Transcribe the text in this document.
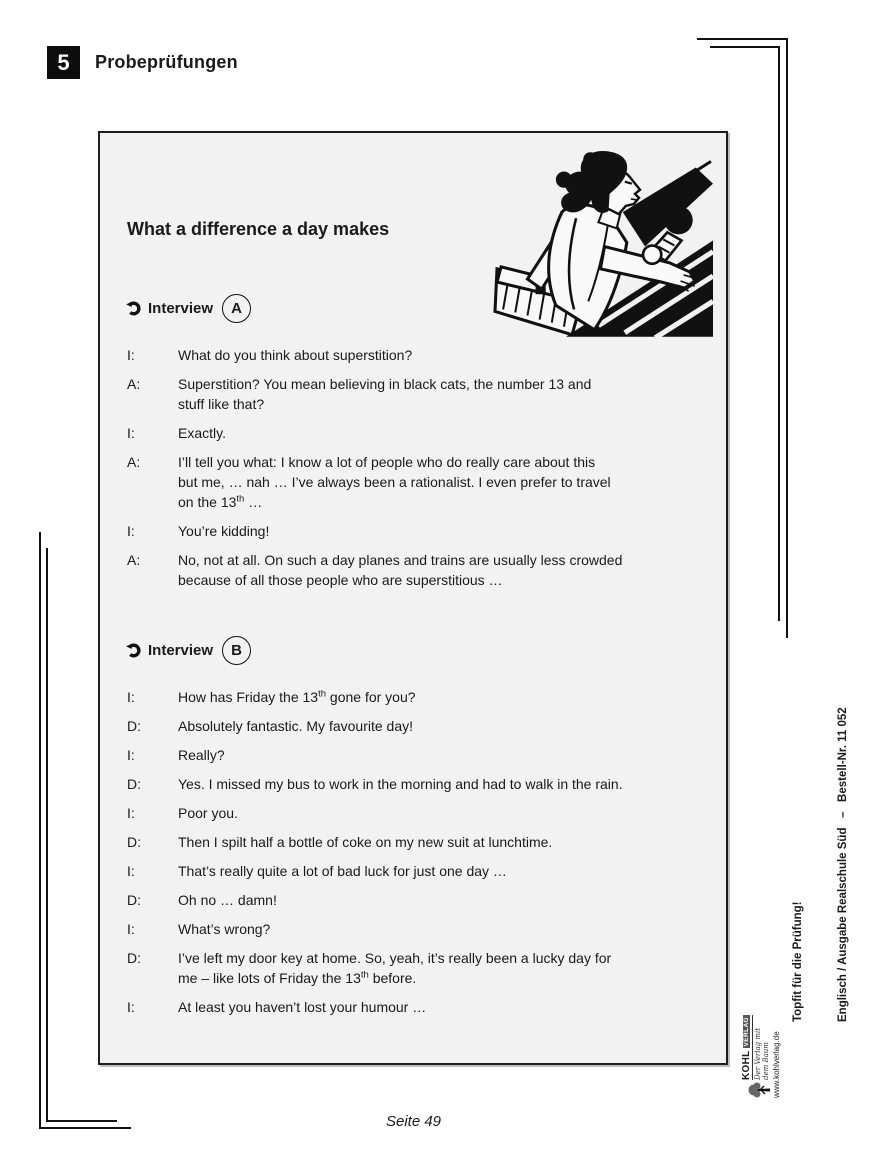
5 Probeprüfungen
What a difference a day makes
Interview	A
I:	What do you think about superstition?
A:	Superstition? You mean believing in black cats, the number 13 and
stuff like that?
I:	Exactly.
A:	I’ll tell you what: I know a lot of people who do really care about this
but me, … nah … I’ve always been a rationalist. I even prefer to travel
on the 13th …
I:	You’re kidding!
A:	No, not at all. On such a day planes and trains are usually less crowded
because of all those people who are superstitious …
Interview	B
I:	How has Friday the 13th gone for you?
D:	Absolutely fantastic. My favourite day!
I:	Really?
D:	Yes. I missed my bus to work in the morning and had to walk in the rain.
I:	Poor you.
D:	Then I spilt half a bottle of coke on my new suit at lunchtime.
I:	That’s really quite a lot of bad luck for just one day …
D:	Oh no … damn!
I:	What’s wrong?
D:	I’ve left my door key at home. So, yeah, it’s really been a lucky day for
me – like lots of Friday the 13th before.
I:	At least you haven’t lost your humour …

	Topfit für die Prüfung!

	Englisch / Ausgabe Realschule Süd   –   Bestell-Nr. 11 052

KOHL
VERLAG Der Verlag mit dem Baum www.kohlverlag.de
Seite 49
